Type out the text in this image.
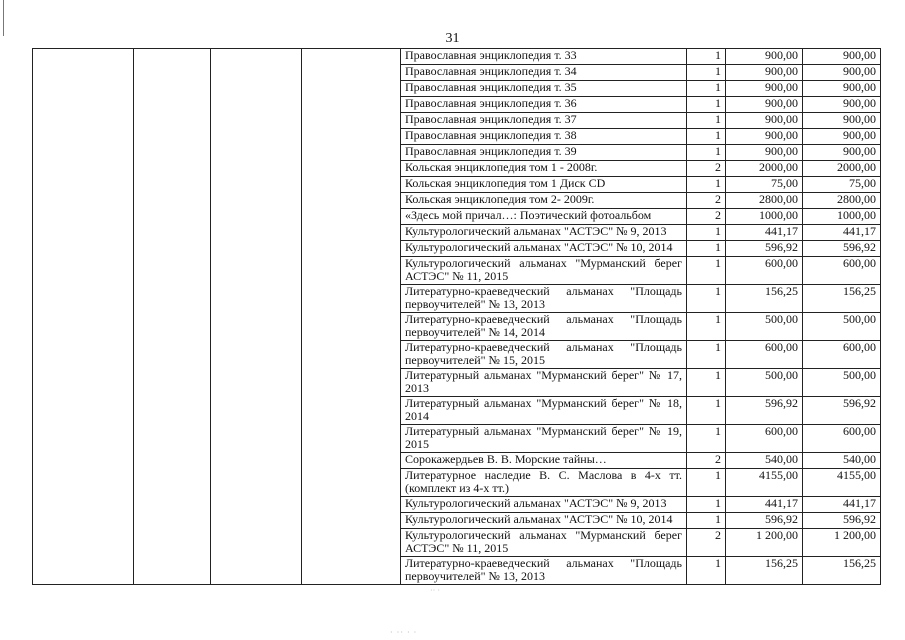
31
				Православная энциклопедия т. 33	1	900,00	900,00
				Православная энциклопедия т. 34	1	900,00	900,00
				Православная энциклопедия т. 35	1	900,00	900,00
				Православная энциклопедия т. 36	1	900,00	900,00
				Православная энциклопедия т. 37	1	900,00	900,00
				Православная энциклопедия т. 38	1	900,00	900,00
				Православная энциклопедия т. 39	1	900,00	900,00
				Кольская энциклопедия том 1 - 2008г.	2	2000,00	2000,00
				Кольская энциклопедия том 1 Диск CD	1	75,00	75,00
				Кольская энциклопедия том 2- 2009г.	2	2800,00	2800,00
				«Здесь мой причал…: Поэтический фотоальбом	2	1000,00	1000,00
				Культурологический альманах "АСТЭС" № 9, 2013	1	441,17	441,17
				Культурологический альманах "АСТЭС" № 10, 2014	1	596,92	596,92
				Культурологический альманах "Мурманский берег АСТЭС" № 11, 2015	1	600,00	600,00
				Литературно-краеведческий альманах "Площадь первоучителей" № 13, 2013	1	156,25	156,25
				Литературно-краеведческий альманах "Площадь первоучителей" № 14, 2014	1	500,00	500,00
				Литературно-краеведческий альманах "Площадь первоучителей" № 15, 2015	1	600,00	600,00
				Литературный альманах "Мурманский берег" № 17, 2013	1	500,00	500,00
				Литературный альманах "Мурманский берег" № 18, 2014	1	596,92	596,92
				Литературный альманах "Мурманский берег" № 19, 2015	1	600,00	600,00
				Сорокажердьев В. В. Морские тайны…	2	540,00	540,00
				Литературное наследие В. С. Маслова в 4-х тт. (комплект из 4-х тт.)	1	4155,00	4155,00
				Культурологический альманах "АСТЭС" № 9, 2013	1	441,17	441,17
				Культурологический альманах "АСТЭС" № 10, 2014	1	596,92	596,92
				Культурологический альманах "Мурманский берег АСТЭС" № 11, 2015	2	1 200,00	1 200,00
				Литературно-краеведческий альманах "Площадь первоучителей" № 13, 2013	1	156,25	156,25
·· ·
· ·· · ·
